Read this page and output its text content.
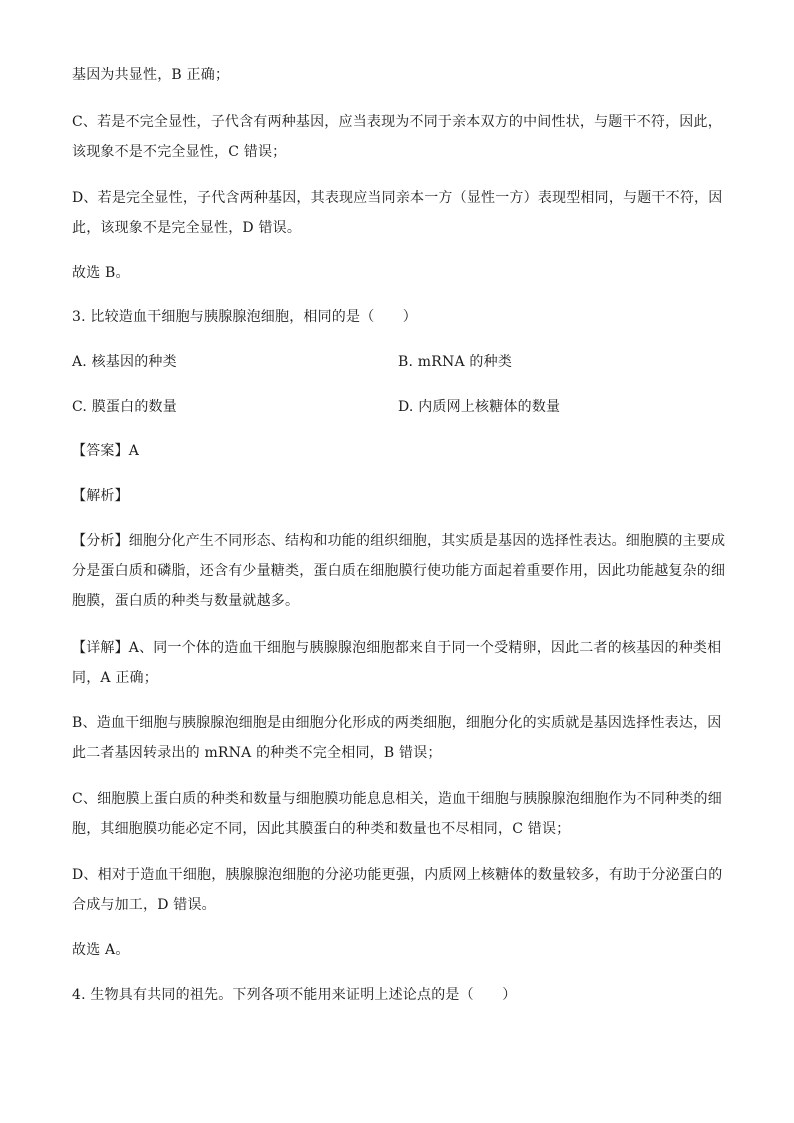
基因为共显性，B 正确；
C、若是不完全显性，子代含有两种基因，应当表现为不同于亲本双方的中间性状，与题干不符，因此，
该现象不是不完全显性，C 错误；
D、若是完全显性，子代含两种基因，其表现应当同亲本一方（显性一方）表现型相同，与题干不符，因
此，该现象不是完全显性，D 错误。
故选 B。
3. 比较造血干细胞与胰腺腺泡细胞，相同的是（　　）
A. 核基因的种类	B. mRNA 的种类
C. 膜蛋白的数量	D. 内质网上核糖体的数量
【答案】A
【解析】
【分析】细胞分化产生不同形态、结构和功能的组织细胞，其实质是基因的选择性表达。细胞膜的主要成
分是蛋白质和磷脂，还含有少量糖类，蛋白质在细胞膜行使功能方面起着重要作用，因此功能越复杂的细
胞膜，蛋白质的种类与数量就越多。
【详解】A、同一个体的造血干细胞与胰腺腺泡细胞都来自于同一个受精卵，因此二者的核基因的种类相
同，A 正确；
B、造血干细胞与胰腺腺泡细胞是由细胞分化形成的两类细胞，细胞分化的实质就是基因选择性表达，因
此二者基因转录出的 mRNA 的种类不完全相同，B 错误；
C、细胞膜上蛋白质的种类和数量与细胞膜功能息息相关，造血干细胞与胰腺腺泡细胞作为不同种类的细
胞，其细胞膜功能必定不同，因此其膜蛋白的种类和数量也不尽相同，C 错误；
D、相对于造血干细胞，胰腺腺泡细胞的分泌功能更强，内质网上核糖体的数量较多，有助于分泌蛋白的
合成与加工，D 错误。
故选 A。
4. 生物具有共同的祖先。下列各项不能用来证明上述论点的是（　　）
